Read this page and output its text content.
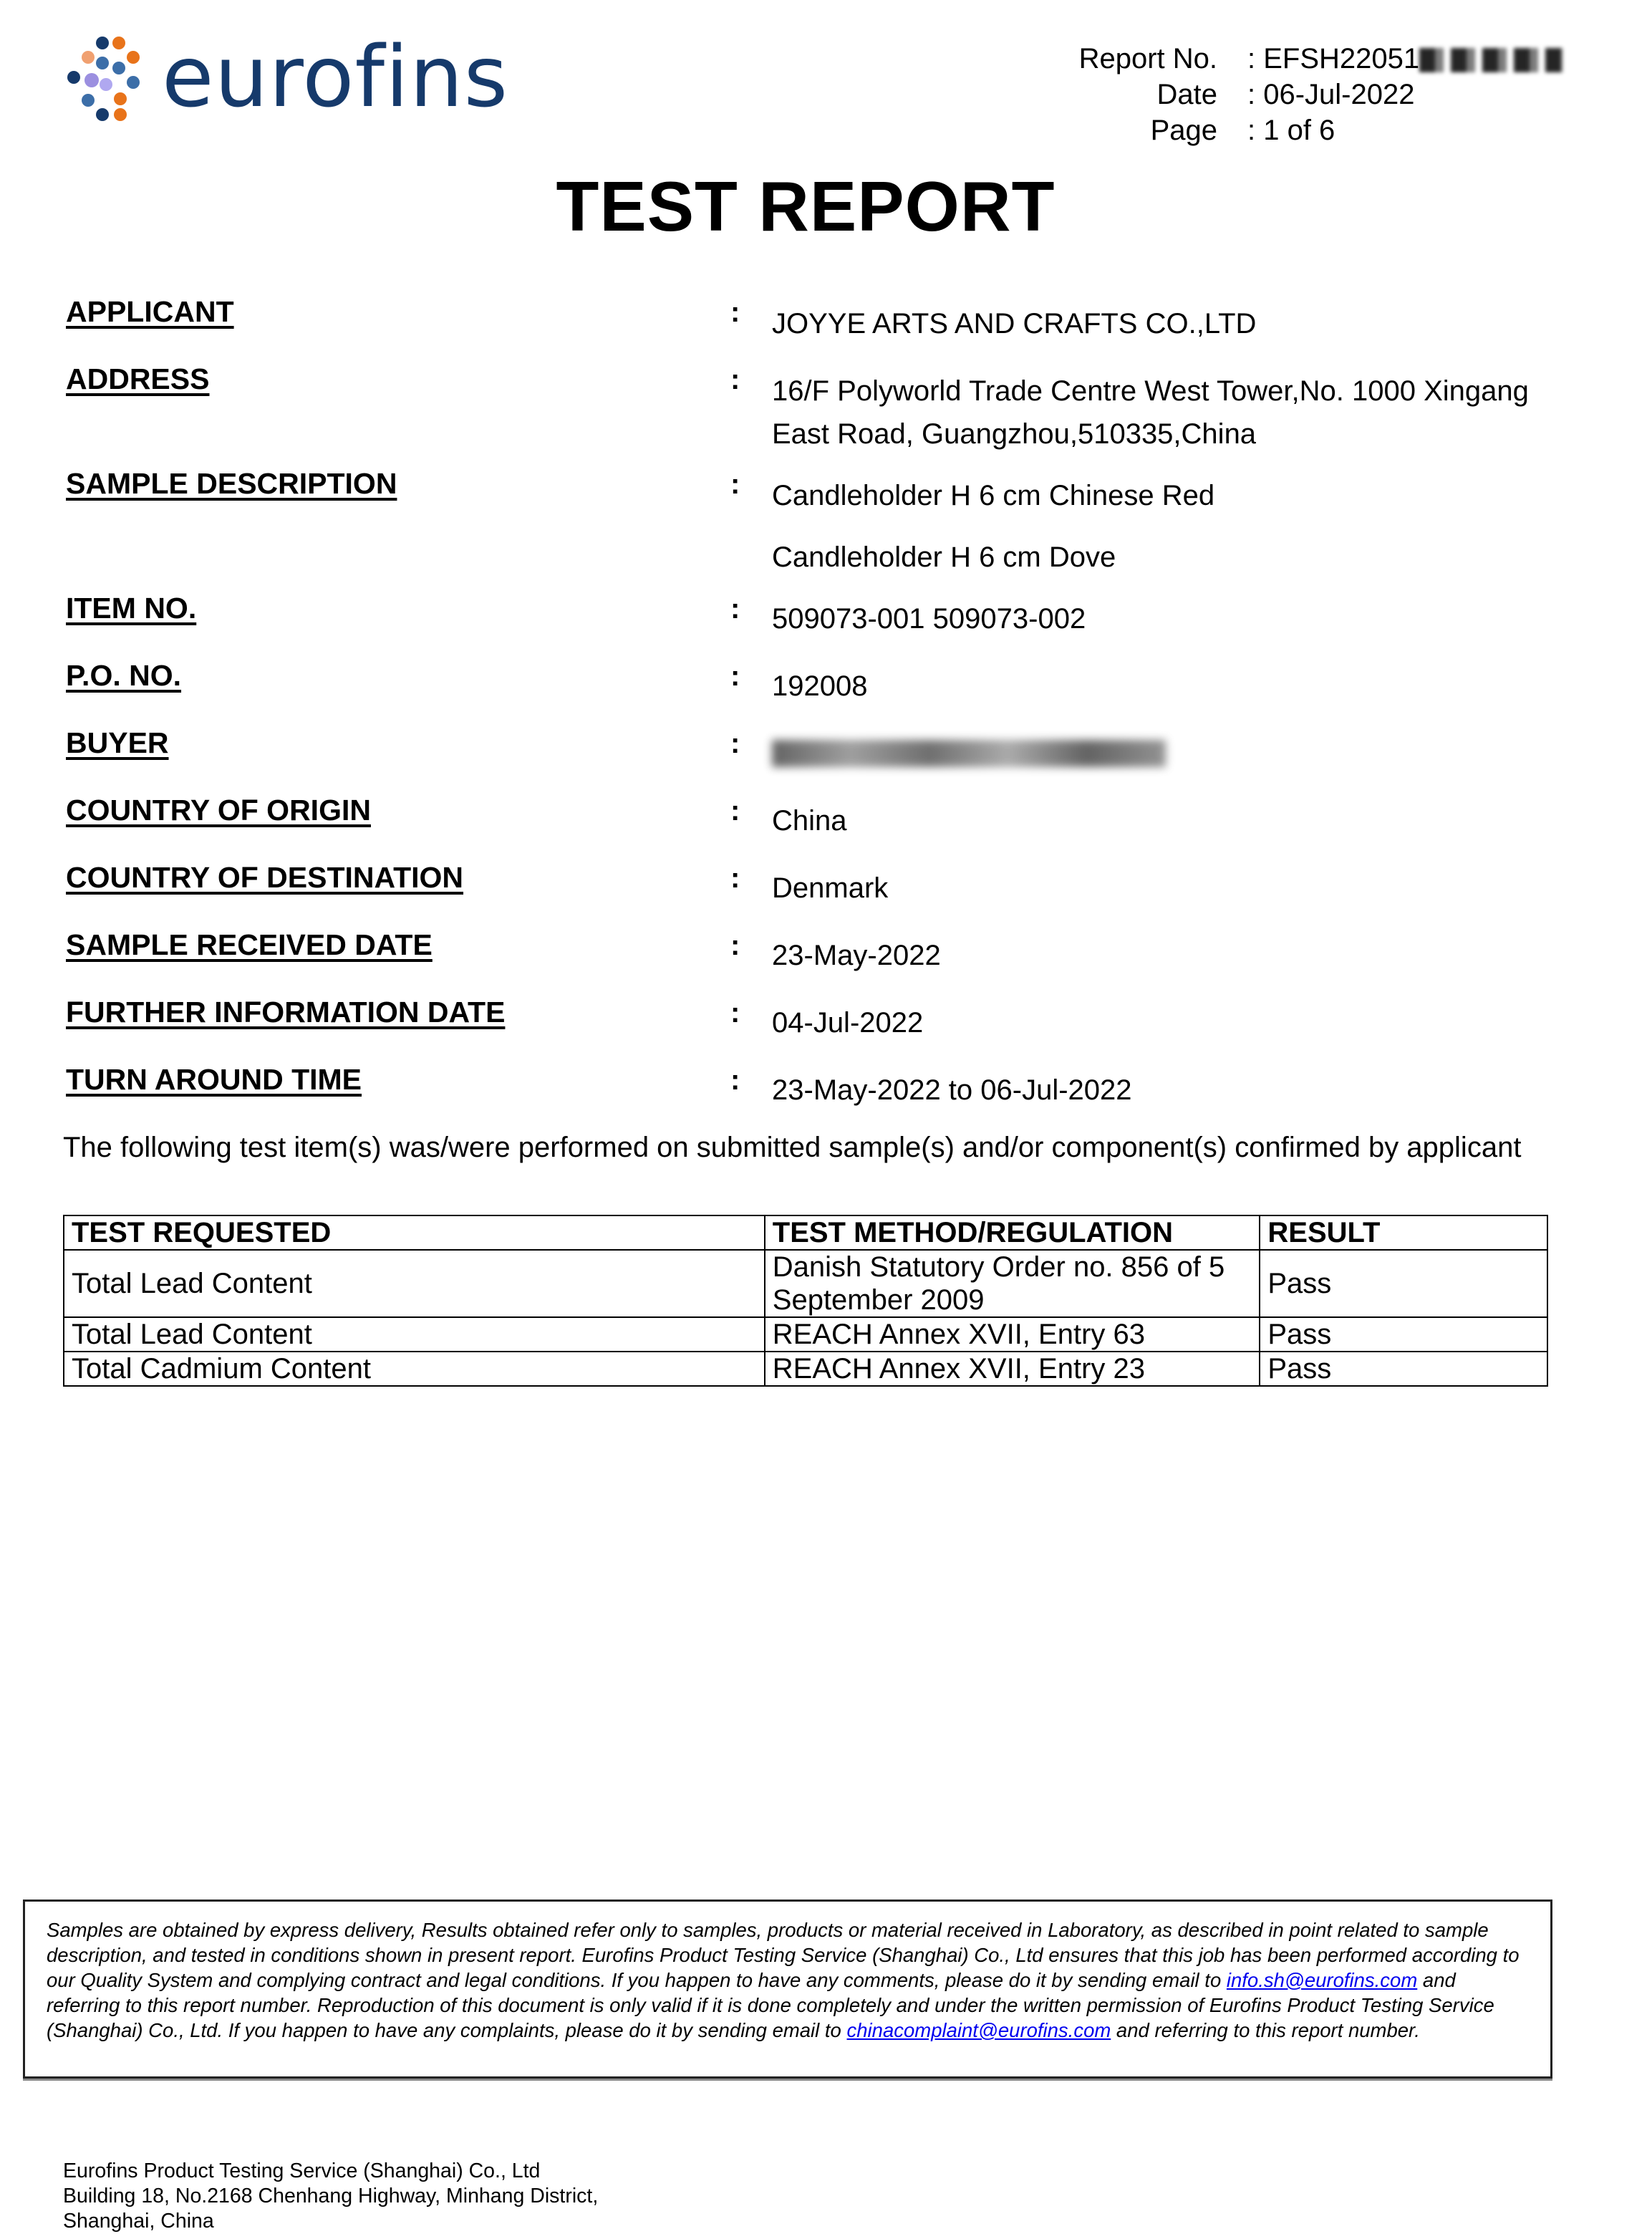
eurofins	Report No. : EFSH22051
Date : 06-Jul-2022
Page : 1 of 6
TEST REPORT
APPLICANT	: JOYYE ARTS AND CRAFTS CO.,LTD
ADDRESS	: 16/F Polyworld Trade Centre West Tower,No. 1000 Xingang
East Road, Guangzhou,510335,China
SAMPLE DESCRIPTION	: Candleholder H 6 cm Chinese Red
Candleholder H 6 cm Dove
ITEM NO.	: 509073-001 509073-002
P.O. NO.	: 192008
BUYER	:
COUNTRY OF ORIGIN	: China
COUNTRY OF DESTINATION	: Denmark
SAMPLE RECEIVED DATE	: 23-May-2022
FURTHER INFORMATION DATE	: 04-Jul-2022
TURN AROUND TIME	: 23-May-2022 to 06-Jul-2022
The following test item(s) was/were performed on submitted sample(s) and/or component(s) confirmed by applicant
TEST REQUESTED	TEST METHOD/REGULATION	RESULT
Total Lead Content	Danish Statutory Order no. 856 of 5 September 2009	Pass
Total Lead Content	REACH Annex XVII, Entry 63	Pass
Total Cadmium Content	REACH Annex XVII, Entry 23	Pass

Samples are obtained by express delivery, Results obtained refer only to samples, products or material received in Laboratory, as described in point related to sample description, and tested in conditions shown in present report. Eurofins Product Testing Service (Shanghai) Co., Ltd ensures that this job has been performed according to our Quality System and complying contract and legal conditions. If you happen to have any comments, please do it by sending email to info.sh@eurofins.com and referring to this report number. Reproduction of this document is only valid if it is done completely and under the written permission of Eurofins Product Testing Service (Shanghai) Co., Ltd. If you happen to have any complaints, please do it by sending email to chinacomplaint@eurofins.com and referring to this report number.

Eurofins Product Testing Service (Shanghai) Co., Ltd
Building 18, No.2168 Chenhang Highway, Minhang District,
Shanghai, China
